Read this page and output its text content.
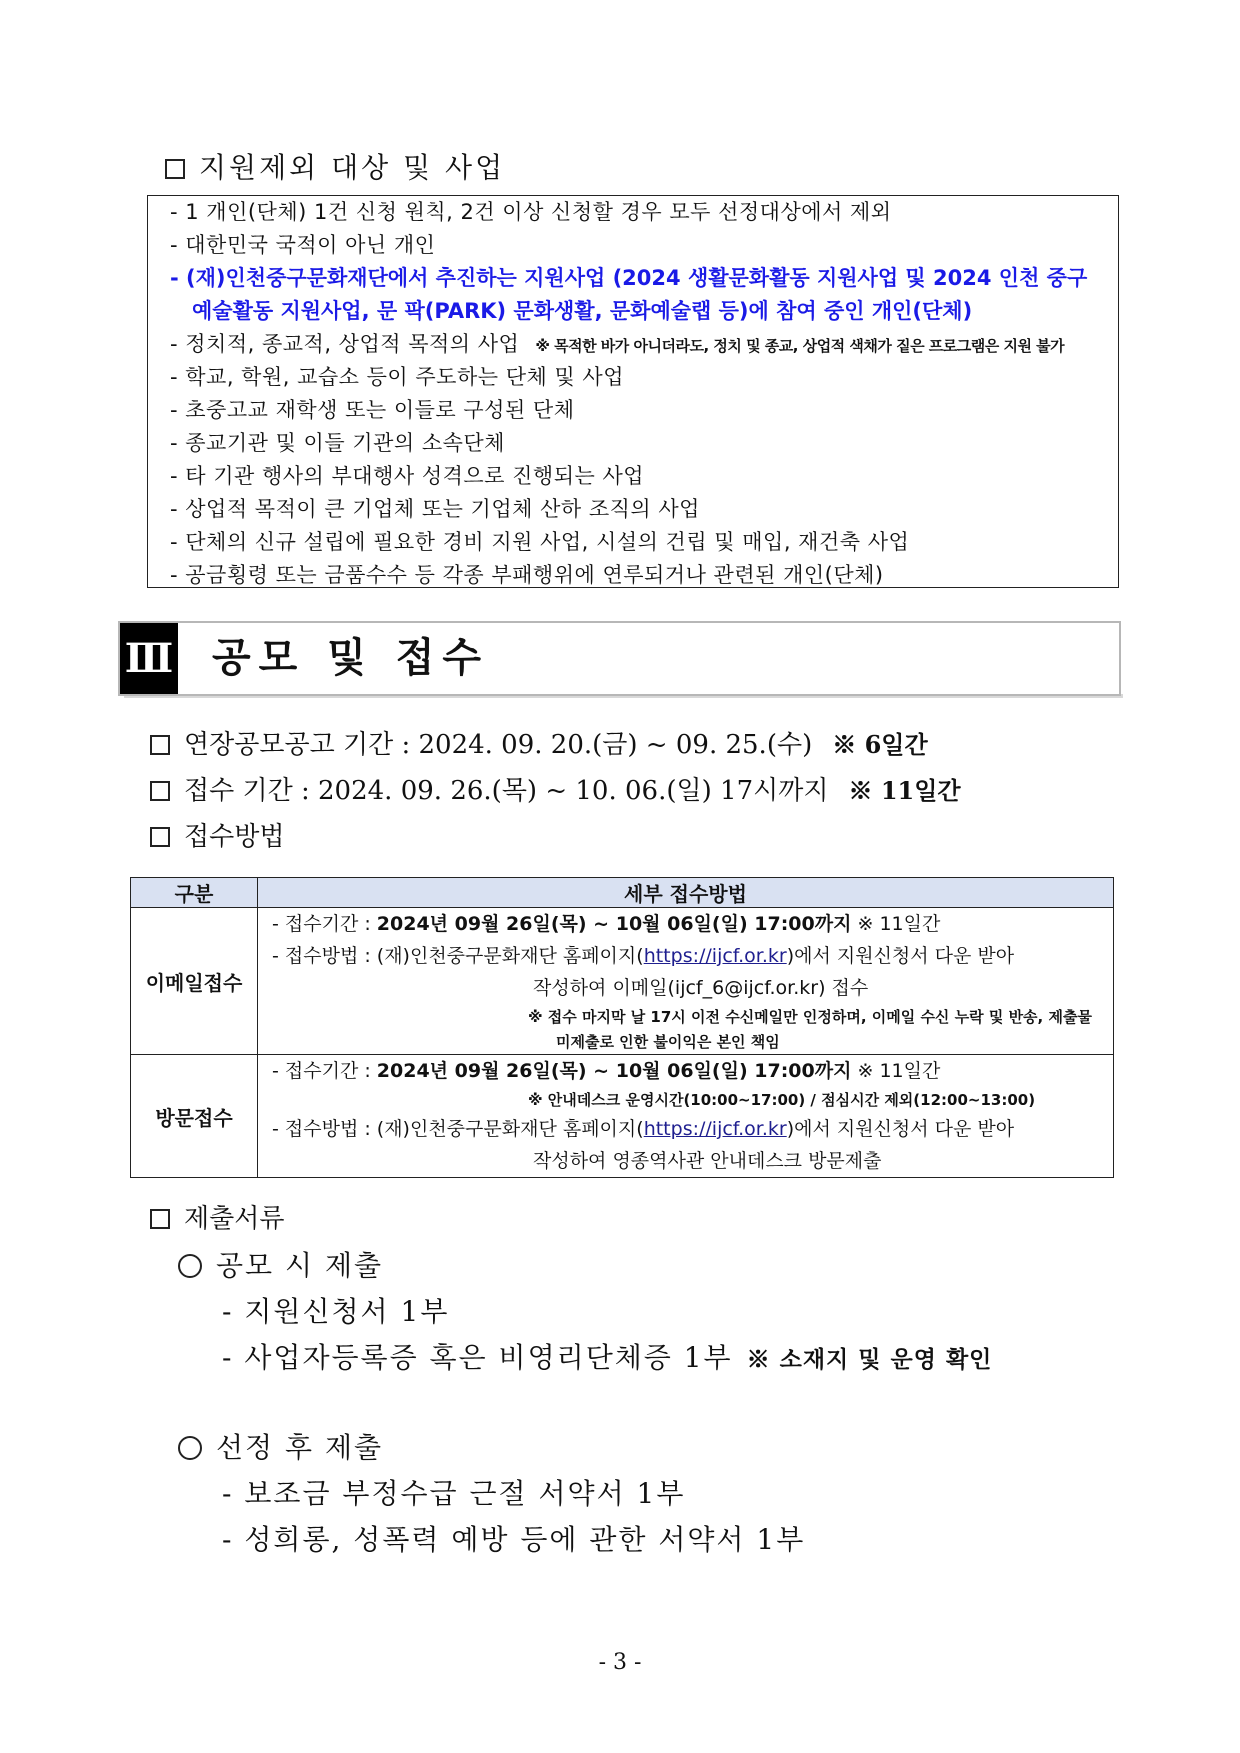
지원제외 대상 및 사업
- 1 개인(단체) 1건 신청 원칙, 2건 이상 신청할 경우 모두 선정대상에서 제외
- 대한민국 국적이 아닌 개인
- (재)인천중구문화재단에서 추진하는 지원사업 (2024 생활문화활동 지원사업 및 2024 인천 중구
예술활동 지원사업, 문 팍(PARK) 문화생활, 문화예술랩 등)에 참여 중인 개인(단체)
- 정치적, 종교적, 상업적 목적의 사업 ※ 목적한 바가 아니더라도, 정치 및 종교, 상업적 색채가 짙은 프로그램은 지원 불가
- 학교, 학원, 교습소 등이 주도하는 단체 및 사업
- 초중고교 재학생 또는 이들로 구성된 단체
- 종교기관 및 이들 기관의 소속단체
- 타 기관 행사의 부대행사 성격으로 진행되는 사업
- 상업적 목적이 큰 기업체 또는 기업체 산하 조직의 사업
- 단체의 신규 설립에 필요한 경비 지원 사업, 시설의 건립 및 매입, 재건축 사업
- 공금횡령 또는 금품수수 등 각종 부패행위에 연루되거나 관련된 개인(단체)
Ⅲ 공모 및 접수
연장공모공고 기간 : 2024. 09. 20.(금) ~ 09. 25.(수) ※ 6일간
접수 기간 : 2024. 09. 26.(목) ~ 10. 06.(일) 17시까지 ※ 11일간
접수방법
구분	세부 접수방법
이메일접수	- 접수기간 : 2024년 09월 26일(목) ~ 10월 06일(일) 17:00까지 ※ 11일간
- 접수방법 : (재)인천중구문화재단 홈페이지(https://ijcf.or.kr)에서 지원신청서 다운 받아
작성하여 이메일(ijcf_6@ijcf.or.kr) 접수
※ 접수 마지막 날 17시 이전 수신메일만 인정하며, 이메일 수신 누락 및 반송, 제출물
미제출로 인한 불이익은 본인 책임

방문접수	- 접수기간 : 2024년 09월 26일(목) ~ 10월 06일(일) 17:00까지 ※ 11일간
※ 안내데스크 운영시간(10:00~17:00) / 점심시간 제외(12:00~13:00)
- 접수방법 : (재)인천중구문화재단 홈페이지(https://ijcf.or.kr)에서 지원신청서 다운 받아
작성하여 영종역사관 안내데스크 방문제출
제출서류
공모 시 제출
- 지원신청서 1부
- 사업자등록증 혹은 비영리단체증 1부 ※ 소재지 및 운영 확인
선정 후 제출
- 보조금 부정수급 근절 서약서 1부
- 성희롱, 성폭력 예방 등에 관한 서약서 1부
- 3 -
